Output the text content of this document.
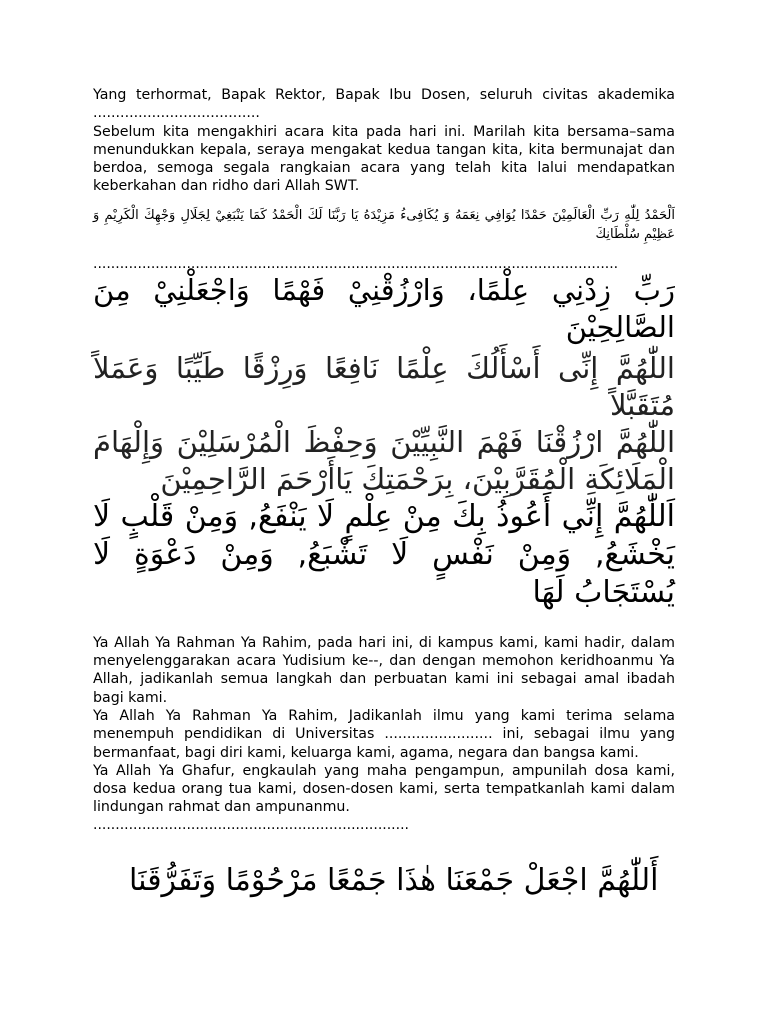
Yang terhormat, Bapak Rektor, Bapak Ibu Dosen, seluruh civitas akademika .....................................

Sebelum kita mengakhiri acara kita pada hari ini. Marilah kita bersama–sama menundukkan kepala, seraya mengakat kedua tangan kita, kita bermunajat dan berdoa, semoga segala rangkaian acara yang telah kita lalui mendapatkan keberkahan dan ridho dari Allah SWT.

اَلْحَمْدُ لِلّٰهِ رَبِّ الْعَالَمِيْنَ حَمْدًا يُوَافِي نِعَمَهُ وَ يُكَافِىءُ مَزِيْدَهُ يَا رَبَّنَا لَكَ الْحَمْدُ كَمَا يَنْبَغِيْ لِجَلَالِ وَجْهِكَ الْكَرِيْمِ وَ عَظِيْمِ سُلْطَانِكَ

......................................................................................................................

رَبِّ زِدْنِي عِلْمًا، وَارْزُقْنِيْ فَهْمًا وَاجْعَلْنِيْ مِنَ الصَّالِحِيْنَ

اللّٰهُمَّ إِنِّى أَسْأَلُكَ عِلْمًا نَافِعًا وَرِزْقًا طَيِّبًا وَعَمَلاً مُتَقَبَّلاً

اللّٰهُمَّ ارْزُقْنَا فَهْمَ النَّبِيِّيْنَ وَحِفْظَ الْمُرْسَلِيْنَ وَإِلْهَامَ الْمَلَائِكَةِ الْمُقَرَّبِيْنَ، بِرَحْمَتِكَ يَاأَرْحَمَ الرَّاحِمِيْنَ

اَللّٰهُمَّ إِنِّي أَعُوذُ بِكَ مِنْ عِلْمٍ لَا يَنْفَعُ, وَمِنْ قَلْبٍ لَا يَخْشَعُ, وَمِنْ نَفْسٍ لَا تَشْبَعُ, وَمِنْ دَعْوَةٍ لَا يُسْتَجَابُ لَهَا

Ya Allah Ya Rahman Ya Rahim, pada hari ini, di kampus kami, kami hadir, dalam menyelenggarakan acara Yudisium ke--, dan dengan memohon keridhoanmu Ya Allah, jadikanlah semua langkah dan perbuatan kami ini sebagai amal ibadah bagi kami.

Ya Allah Ya Rahman Ya Rahim, Jadikanlah ilmu yang kami terima selama menempuh pendidikan di Universitas ........................ ini, sebagai ilmu yang bermanfaat, bagi diri kami, keluarga kami, agama, negara dan bangsa kami.

Ya Allah Ya Ghafur, engkaulah yang maha pengampun, ampunilah dosa kami, dosa kedua orang tua kami, dosen-dosen kami, serta tempatkanlah kami dalam lindungan rahmat dan ampunanmu.

.......................................................................

أَللّٰهُمَّ اجْعَلْ جَمْعَنَا هٰذَا جَمْعًا مَرْحُوْمًا وَتَفَرُّقَنَا
